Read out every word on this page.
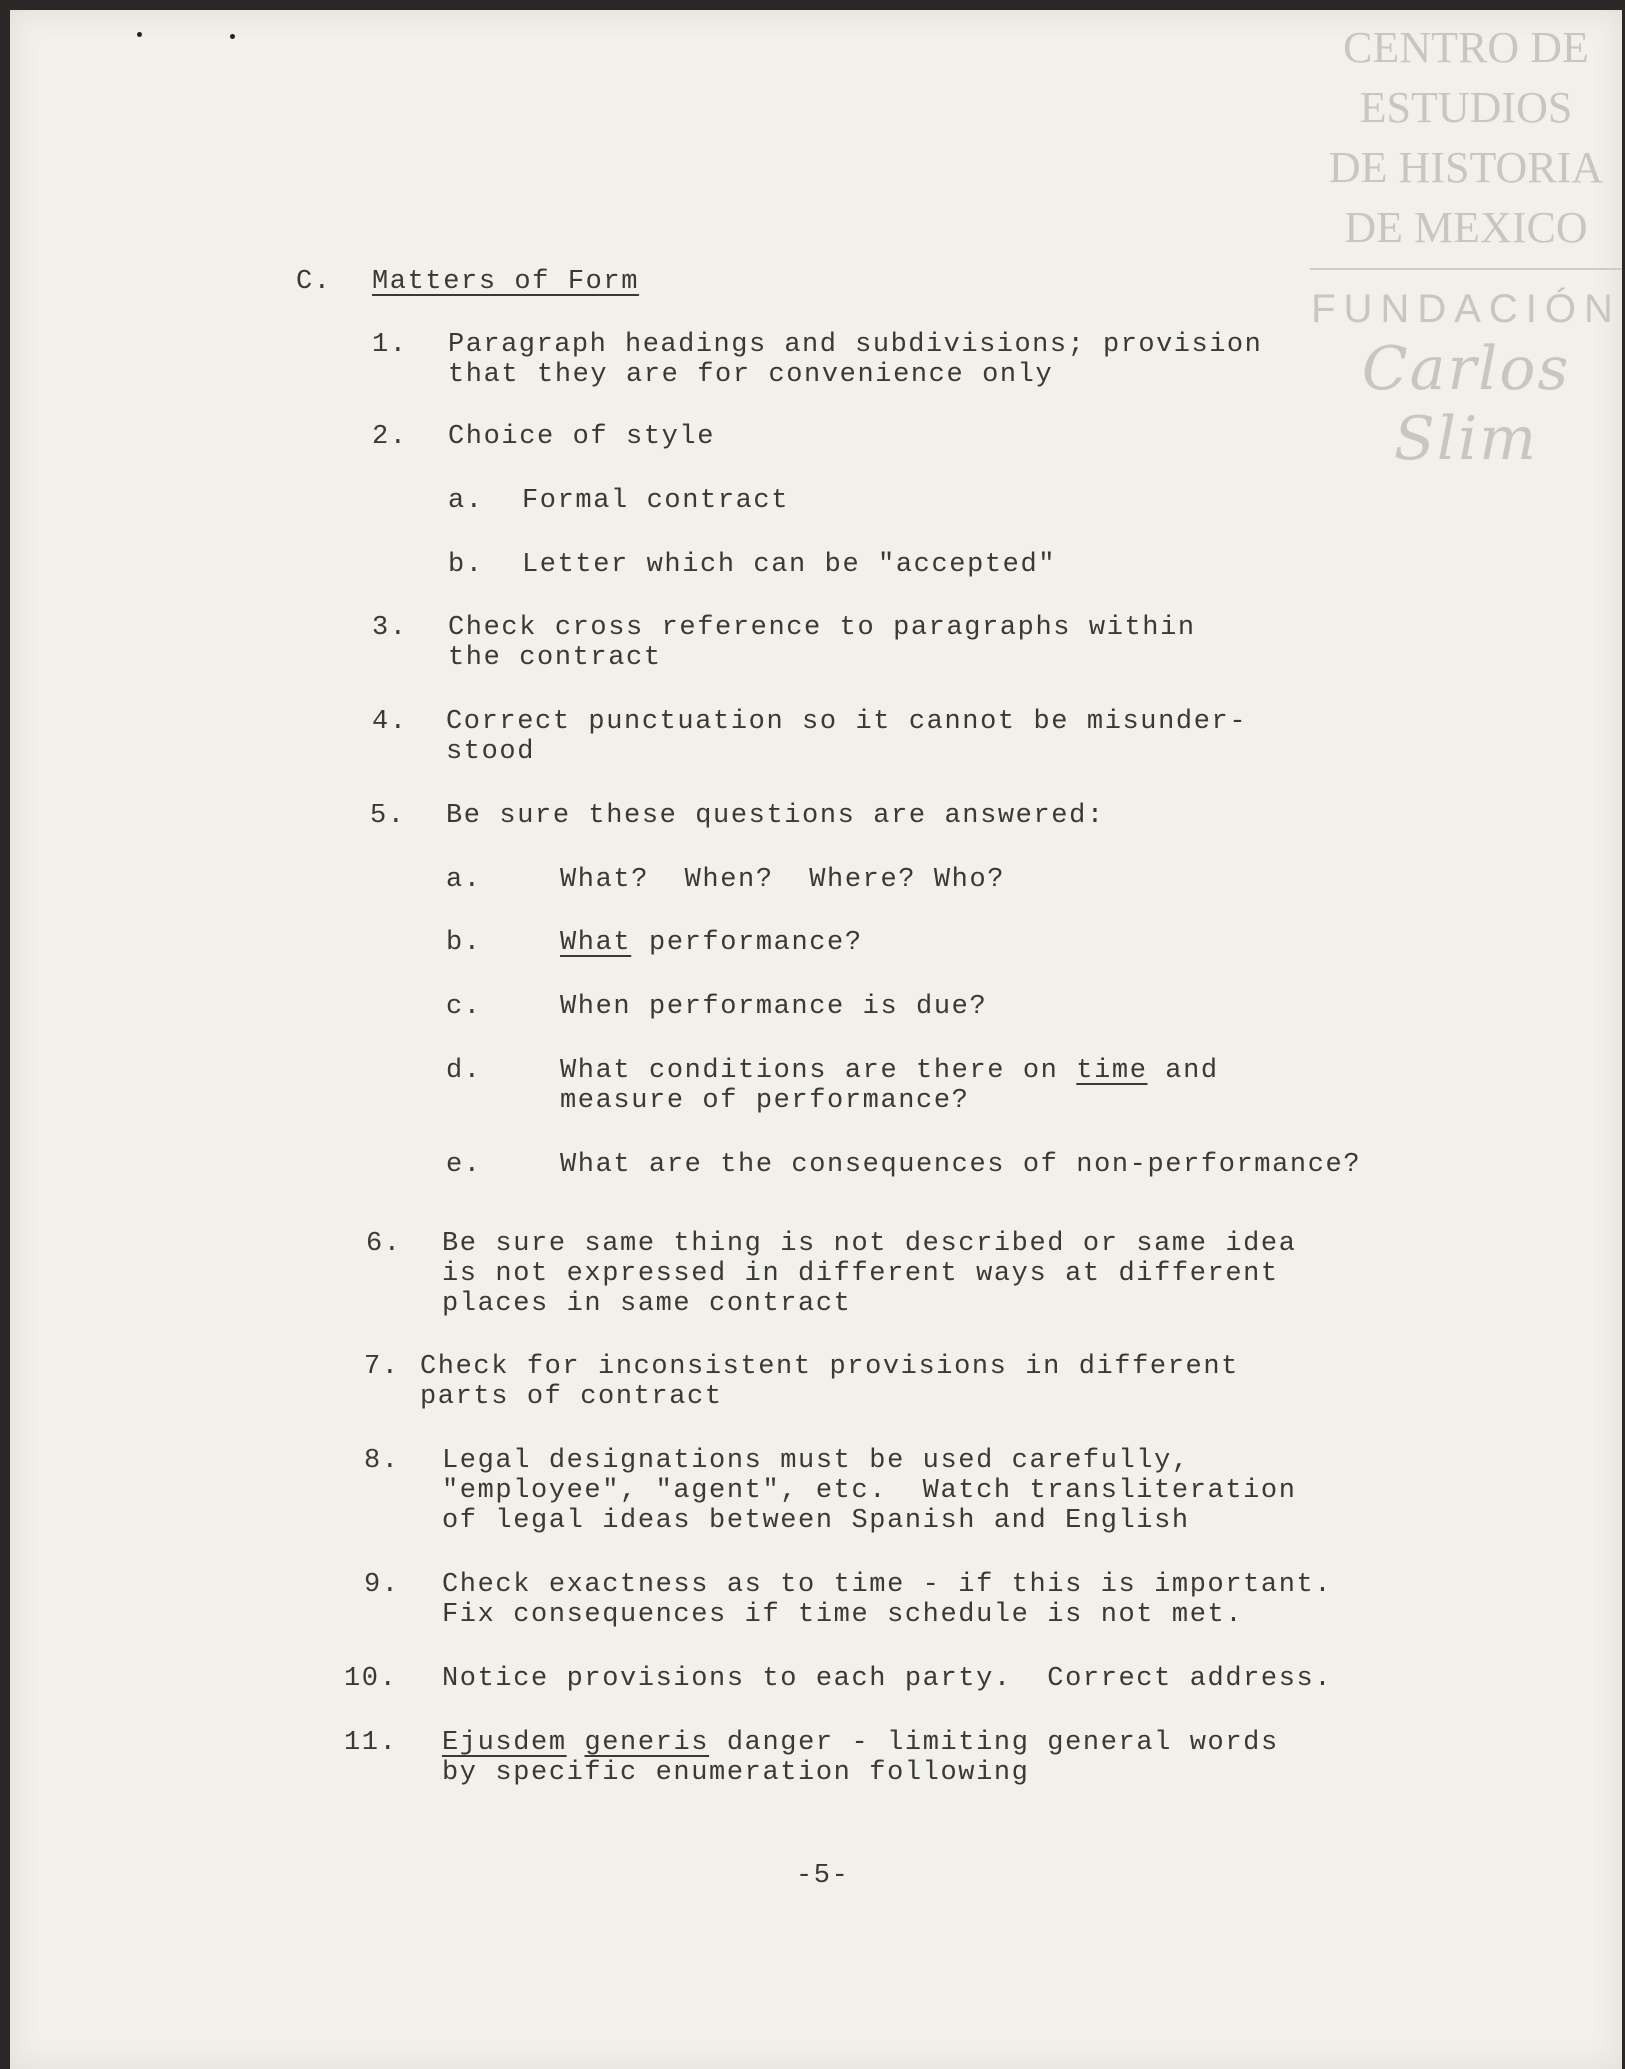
CENTRO DE
ESTUDIOS
DE HISTORIA
DE MEXICO
FUNDACIÓN
Carlos Slim
C. Matters of Form
1. Paragraph headings and subdivisions; provision
that they are for convenience only
2. Choice of style
a. Formal contract
b. Letter which can be "accepted"
3. Check cross reference to paragraphs within
the contract
4. Correct punctuation so it cannot be misunder-
stood
5. Be sure these questions are answered:
a.	What?  When?  Where? Who?
b.	What performance?
c.	When performance is due?
d.	What conditions are there on time and
measure of performance?
e.	What are the consequences of non-performance?
6. Be sure same thing is not described or same idea
is not expressed in different ways at different
places in same contract
7. Check for inconsistent provisions in different
parts of contract
8. Legal designations must be used carefully,
"employee", "agent", etc.  Watch transliteration
of legal ideas between Spanish and English
9. Check exactness as to time - if this is important.
Fix consequences if time schedule is not met.
10. Notice provisions to each party.  Correct address.
11. Ejusdem generis danger - limiting general words
by specific enumeration following
-5-
